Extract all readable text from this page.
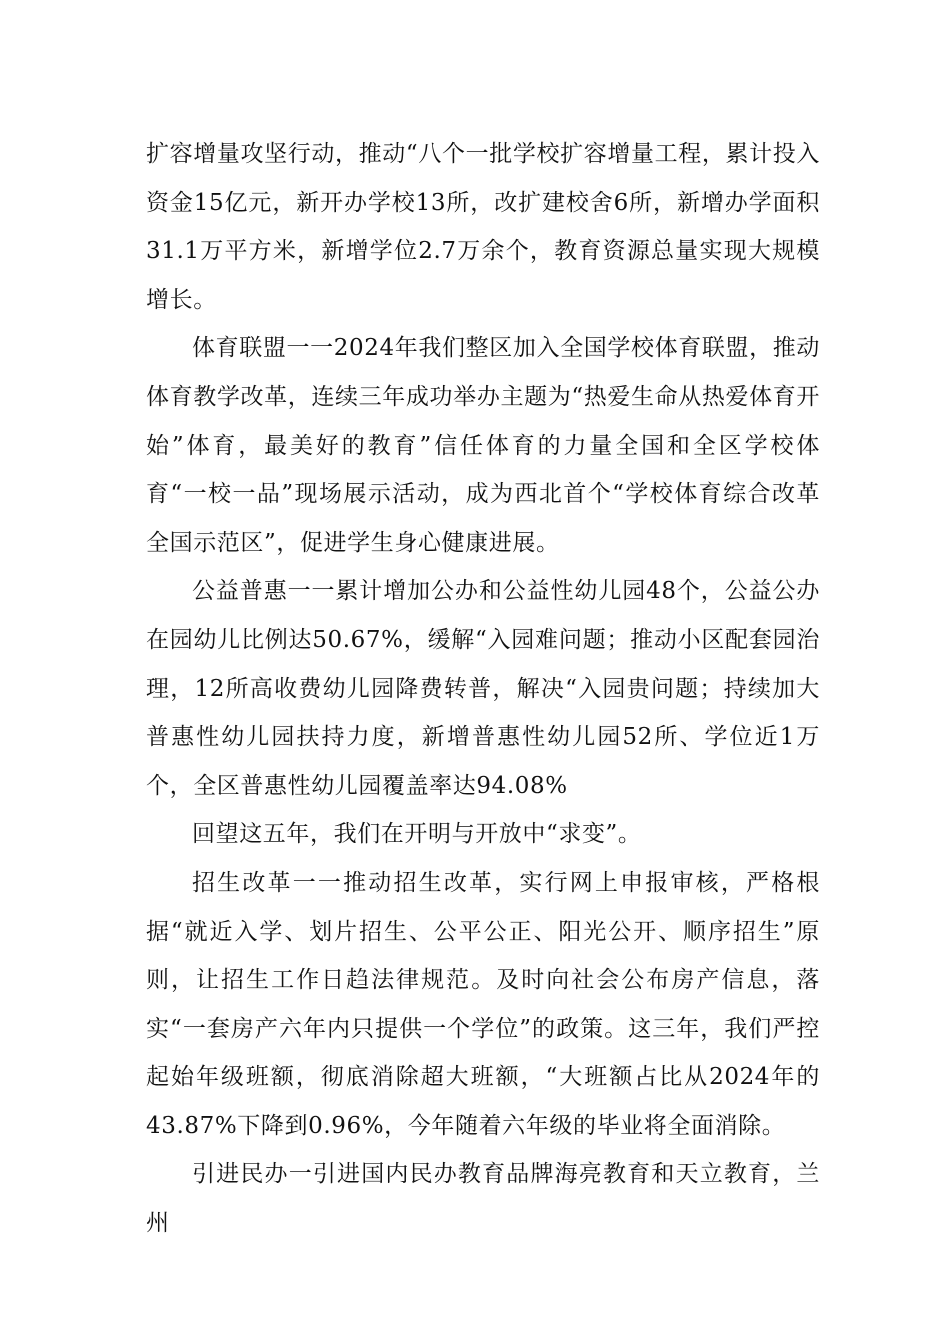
扩容增量攻坚行动，推动“八个一批学校扩容增量工程，累计投入资金15亿元，新开办学校13所，改扩建校舍6所，新增办学面积31.1万平方米，新增学位2.7万余个，教育资源总量实现大规模增长。

体育联盟一一2024年我们整区加入全国学校体育联盟，推动体育教学改革，连续三年成功举办主题为“热爱生命从热爱体育开始”体育，最美好的教育”信任体育的力量全国和全区学校体育“一校一品”现场展示活动，成为西北首个“学校体育综合改革全国示范区”，促进学生身心健康进展。

公益普惠一一累计增加公办和公益性幼儿园48个，公益公办在园幼儿比例达50.67%，缓解“入园难问题；推动小区配套园治理，12所高收费幼儿园降费转普，解决“入园贵问题；持续加大普惠性幼儿园扶持力度，新增普惠性幼儿园52所、学位近1万个，全区普惠性幼儿园覆盖率达94.08%

回望这五年，我们在开明与开放中“求变”。

招生改革一一推动招生改革，实行网上申报审核，严格根据“就近入学、划片招生、公平公正、阳光公开、顺序招生”原则，让招生工作日趋法律规范。及时向社会公布房产信息，落实“一套房产六年内只提供一个学位”的政策。这三年，我们严控起始年级班额，彻底消除超大班额，“大班额占比从2024年的43.87%下降到0.96%，今年随着六年级的毕业将全面消除。

引进民办一引进国内民办教育品牌海亮教育和天立教育，兰州
